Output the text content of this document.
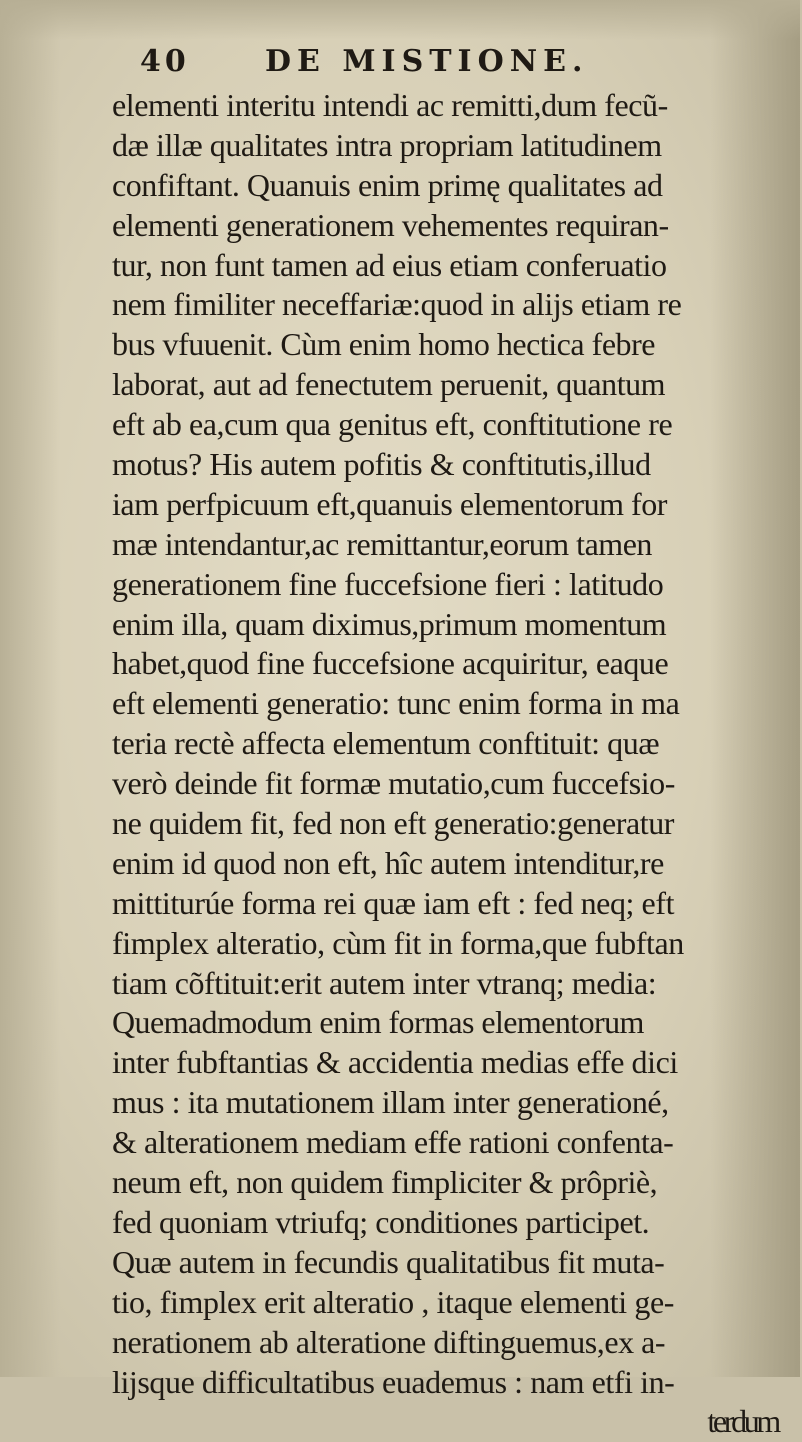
40	DE MISTIONE.
elementi interitu intendi ac remitti,dum fecũ-
dæ illæ qualitates intra propriam latitudinem
confiftant. Quanuis enim primę qualitates ad
elementi generationem vehementes requiran-
tur, non funt tamen ad eius etiam conferuatio
nem fimiliter neceffariæ:quod in alijs etiam re
bus vfuuenit. Cùm enim homo hectica febre
laborat, aut ad fenectutem peruenit, quantum
eft ab ea,cum qua genitus eft, conftitutione re
motus? His autem pofitis & conftitutis,illud
iam perfpicuum eft,quanuis elementorum for
mæ intendantur,ac remittantur,eorum tamen
generationem fine fuccefsione fieri : latitudo
enim illa, quam diximus,primum momentum
habet,quod fine fuccefsione acquiritur, eaque
eft elementi generatio: tunc enim forma in ma
teria rectè affecta elementum conftituit: quæ
verò deinde fit formæ mutatio,cum fuccefsio-
ne quidem fit, fed non eft generatio:generatur
enim id quod non eft, hîc autem intenditur,re
mittiturúe forma rei quæ iam eft : fed neq; eft
fimplex alteratio, cùm fit in forma,que fubftan
tiam cõftituit:erit autem inter vtranq; media:
Quemadmodum enim formas elementorum
inter fubftantias & accidentia medias effe dici
mus : ita mutationem illam inter generationé,
& alterationem mediam effe rationi confenta-
neum eft, non quidem fimpliciter & prôpriè,
fed quoniam vtriufq; conditiones participet.
Quæ autem in fecundis qualitatibus fit muta-
tio, fimplex erit alteratio , itaque elementi ge-
nerationem ab alteratione diftinguemus,ex a-
lijsque difficultatibus euademus : nam etfi in-
terdum
